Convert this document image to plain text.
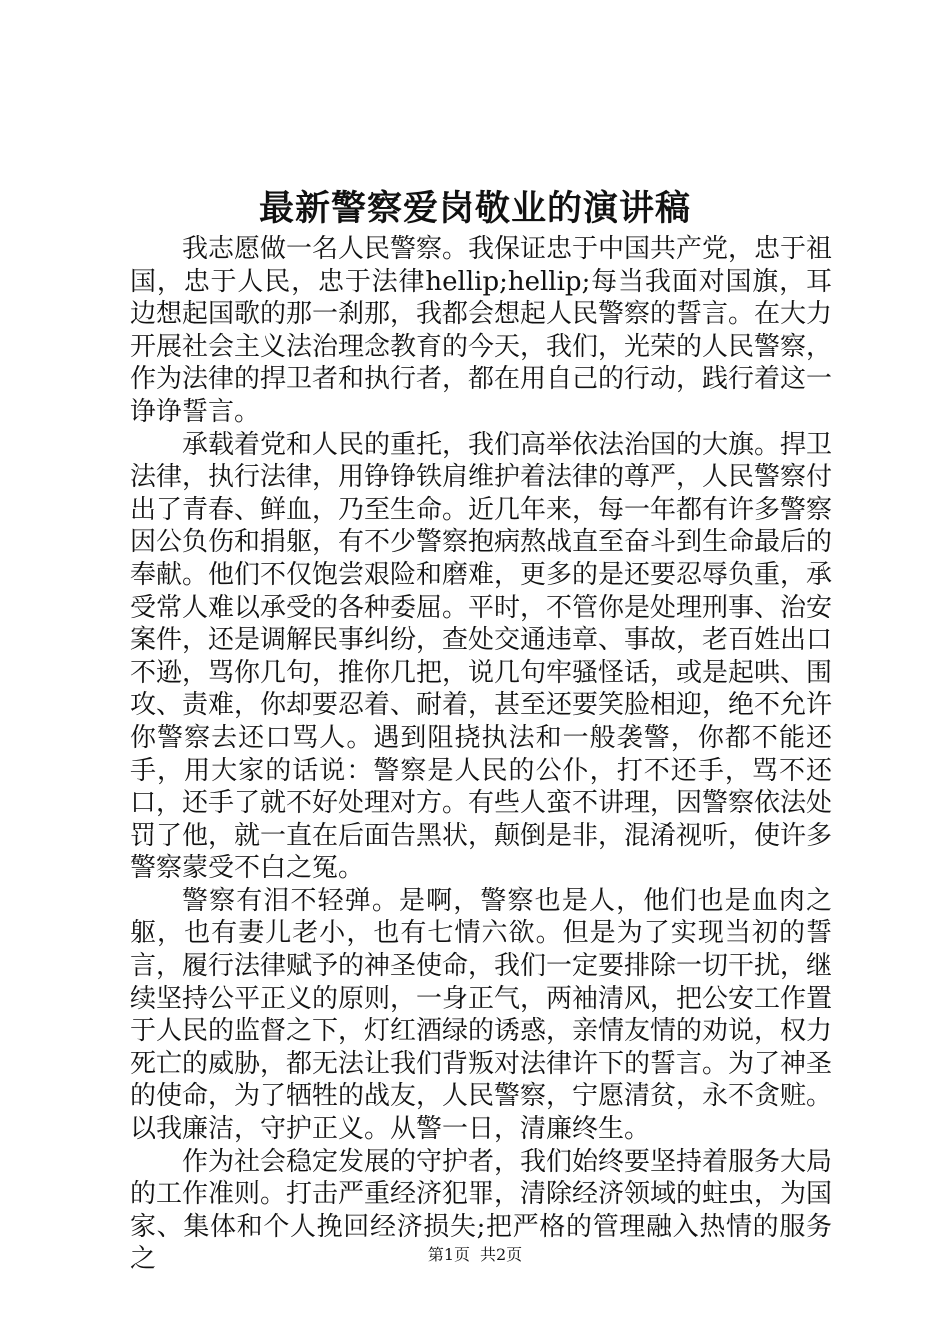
最新警察爱岗敬业的演讲稿

我志愿做一名人民警察。我保证忠于中国共产党，忠于祖国，忠于人民，忠于法律hellip;hellip;每当我面对国旗，耳边想起国歌的那一刹那，我都会想起人民警察的誓言。在大力开展社会主义法治理念教育的今天，我们，光荣的人民警察，作为法律的捍卫者和执行者，都在用自己的行动，践行着这一诤诤誓言。

承载着党和人民的重托，我们高举依法治国的大旗。捍卫法律，执行法律，用铮铮铁肩维护着法律的尊严，人民警察付出了青春、鲜血，乃至生命。近几年来，每一年都有许多警察因公负伤和捐躯，有不少警察抱病熬战直至奋斗到生命最后的奉献。他们不仅饱尝艰险和磨难，更多的是还要忍辱负重，承受常人难以承受的各种委屈。平时，不管你是处理刑事、治安案件，还是调解民事纠纷，查处交通违章、事故，老百姓出口不逊，骂你几句，推你几把，说几句牢骚怪话，或是起哄、围攻、责难，你却要忍着、耐着，甚至还要笑脸相迎，绝不允许你警察去还口骂人。遇到阻挠执法和一般袭警，你都不能还手，用大家的话说：警察是人民的公仆，打不还手，骂不还口，还手了就不好处理对方。有些人蛮不讲理，因警察依法处罚了他，就一直在后面告黑状，颠倒是非，混淆视听，使许多警察蒙受不白之冤。

警察有泪不轻弹。是啊，警察也是人，他们也是血肉之躯，也有妻儿老小，也有七情六欲。但是为了实现当初的誓言，履行法律赋予的神圣使命，我们一定要排除一切干扰，继续坚持公平正义的原则，一身正气，两袖清风，把公安工作置于人民的监督之下，灯红酒绿的诱惑，亲情友情的劝说，权力死亡的威胁，都无法让我们背叛对法律许下的誓言。为了神圣的使命，为了牺牲的战友，人民警察，宁愿清贫，永不贪赃。以我廉洁，守护正义。从警一日，清廉终生。

作为社会稳定发展的守护者，我们始终要坚持着服务大局的工作准则。打击严重经济犯罪，清除经济领域的蛀虫，为国家、集体和个人挽回经济损失;把严格的管理融入热情的服务之	第1页 共2页
